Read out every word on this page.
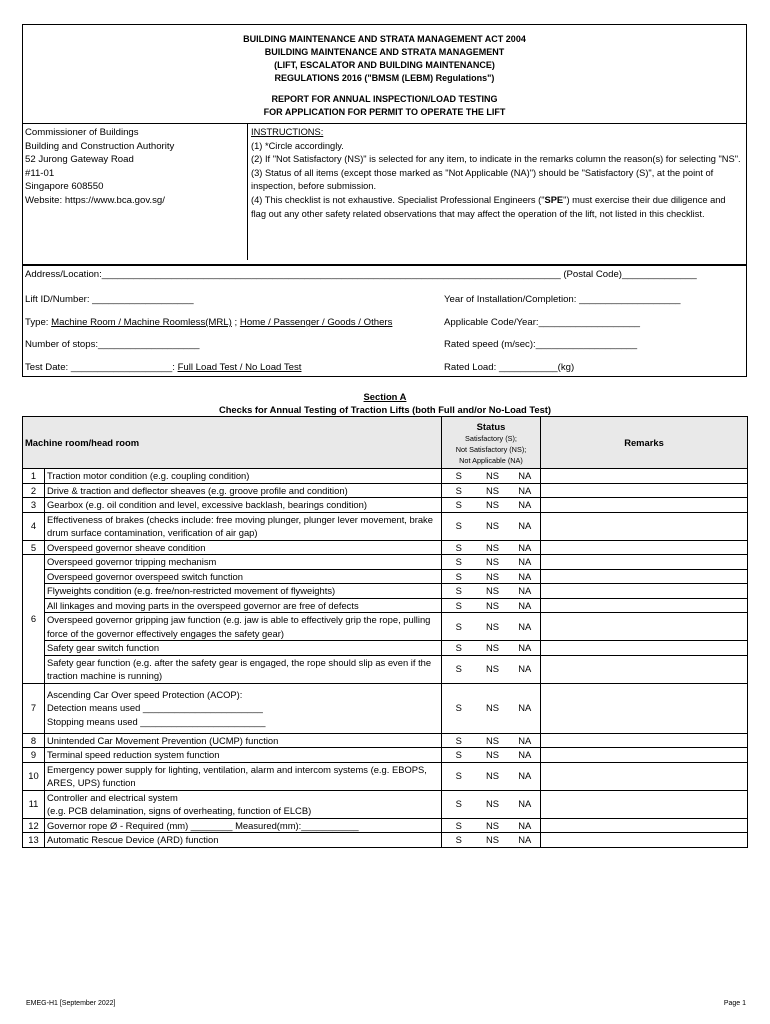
BUILDING MAINTENANCE AND STRATA MANAGEMENT ACT 2004
BUILDING MAINTENANCE AND STRATA MANAGEMENT
(LIFT, ESCALATOR AND BUILDING MAINTENANCE)
REGULATIONS 2016 ("BMSM (LEBM) Regulations")
REPORT FOR ANNUAL INSPECTION/LOAD TESTING
FOR APPLICATION FOR PERMIT TO OPERATE THE LIFT
Commissioner of Buildings
Building and Construction Authority
52 Jurong Gateway Road
#11-01
Singapore 608550
Website: https://www.bca.gov.sg/
INSTRUCTIONS:
(1) *Circle accordingly.
(2) If "Not Satisfactory (NS)" is selected for any item, to indicate in the remarks column the reason(s) for selecting "NS".
(3) Status of all items (except those marked as "Not Applicable (NA)") should be "Satisfactory (S)", at the point of inspection, before submission.
(4) This checklist is not exhaustive. Specialist Professional Engineers ("SPE") must exercise their due diligence and flag out any other safety related observations that may affect the operation of the lift, not listed in this checklist.
Address/Location:______________________________________________________________________________________ (Postal Code)______________
Lift ID/Number: ___________________	Year of Installation/Completion: ___________________
Type: Machine Room / Machine Roomless(MRL) ; Home / Passenger / Goods / Others	Applicable Code/Year:___________________
Number of stops:___________________	Rated speed (m/sec):___________________
Test Date: ___________________: Full Load Test / No Load Test	Rated Load: ___________(kg)
Section A
Checks for Annual Testing of Traction Lifts (both Full and/or No-Load Test)
Machine room/head room		Status
Satisfactory (S);
Not Satisfactory (NS);
Not Applicable (NA)			Remarks
1	Traction motor condition (e.g. coupling condition)	S	NS	NA	
2	Drive & traction and deflector sheaves (e.g. groove profile and condition)	S	NS	NA	
3	Gearbox (e.g. oil condition and level, excessive backlash, bearings condition)	S	NS	NA	
4	Effectiveness of brakes (checks include: free moving plunger, plunger lever movement, brake drum surface contamination, verification of air gap)	S	NS	NA	
5	Overspeed governor sheave condition	S	NS	NA	
6	Overspeed governor tripping mechanism	S	NS	NA	
	Overspeed governor overspeed switch function	S	NS	NA	
	Flyweights condition (e.g. free/non-restricted movement of flyweights)	S	NS	NA	
	All linkages and moving parts in the overspeed governor are free of defects	S	NS	NA	
	Overspeed governor gripping jaw function (e.g. jaw is able to effectively grip the rope, pulling force of the governor effectively engages the safety gear)	S	NS	NA	
	Safety gear switch function	S	NS	NA	
	Safety gear function (e.g. after the safety gear is engaged, the rope should slip as even if the traction machine is running)	S	NS	NA	
7	Ascending Car Over speed Protection (ACOP):
Detection means used _______________________
Stopping means used ________________________	S	NS	NA	
8	Unintended Car Movement Prevention (UCMP) function	S	NS	NA	
9	Terminal speed reduction system function	S	NS	NA	
10	Emergency power supply for lighting, ventilation, alarm and intercom systems (e.g. EBOPS, ARES, UPS) function	S	NS	NA	
11	Controller and electrical system
(e.g. PCB delamination, signs of overheating, function of ELCB)	S	NS	NA	
12	Governor rope Ø - Required (mm) ________ Measured(mm):___________	S	NS	NA	
13	Automatic Rescue Device (ARD) function	S	NS	NA	
EMEG-H1 [September 2022]	Page 1
